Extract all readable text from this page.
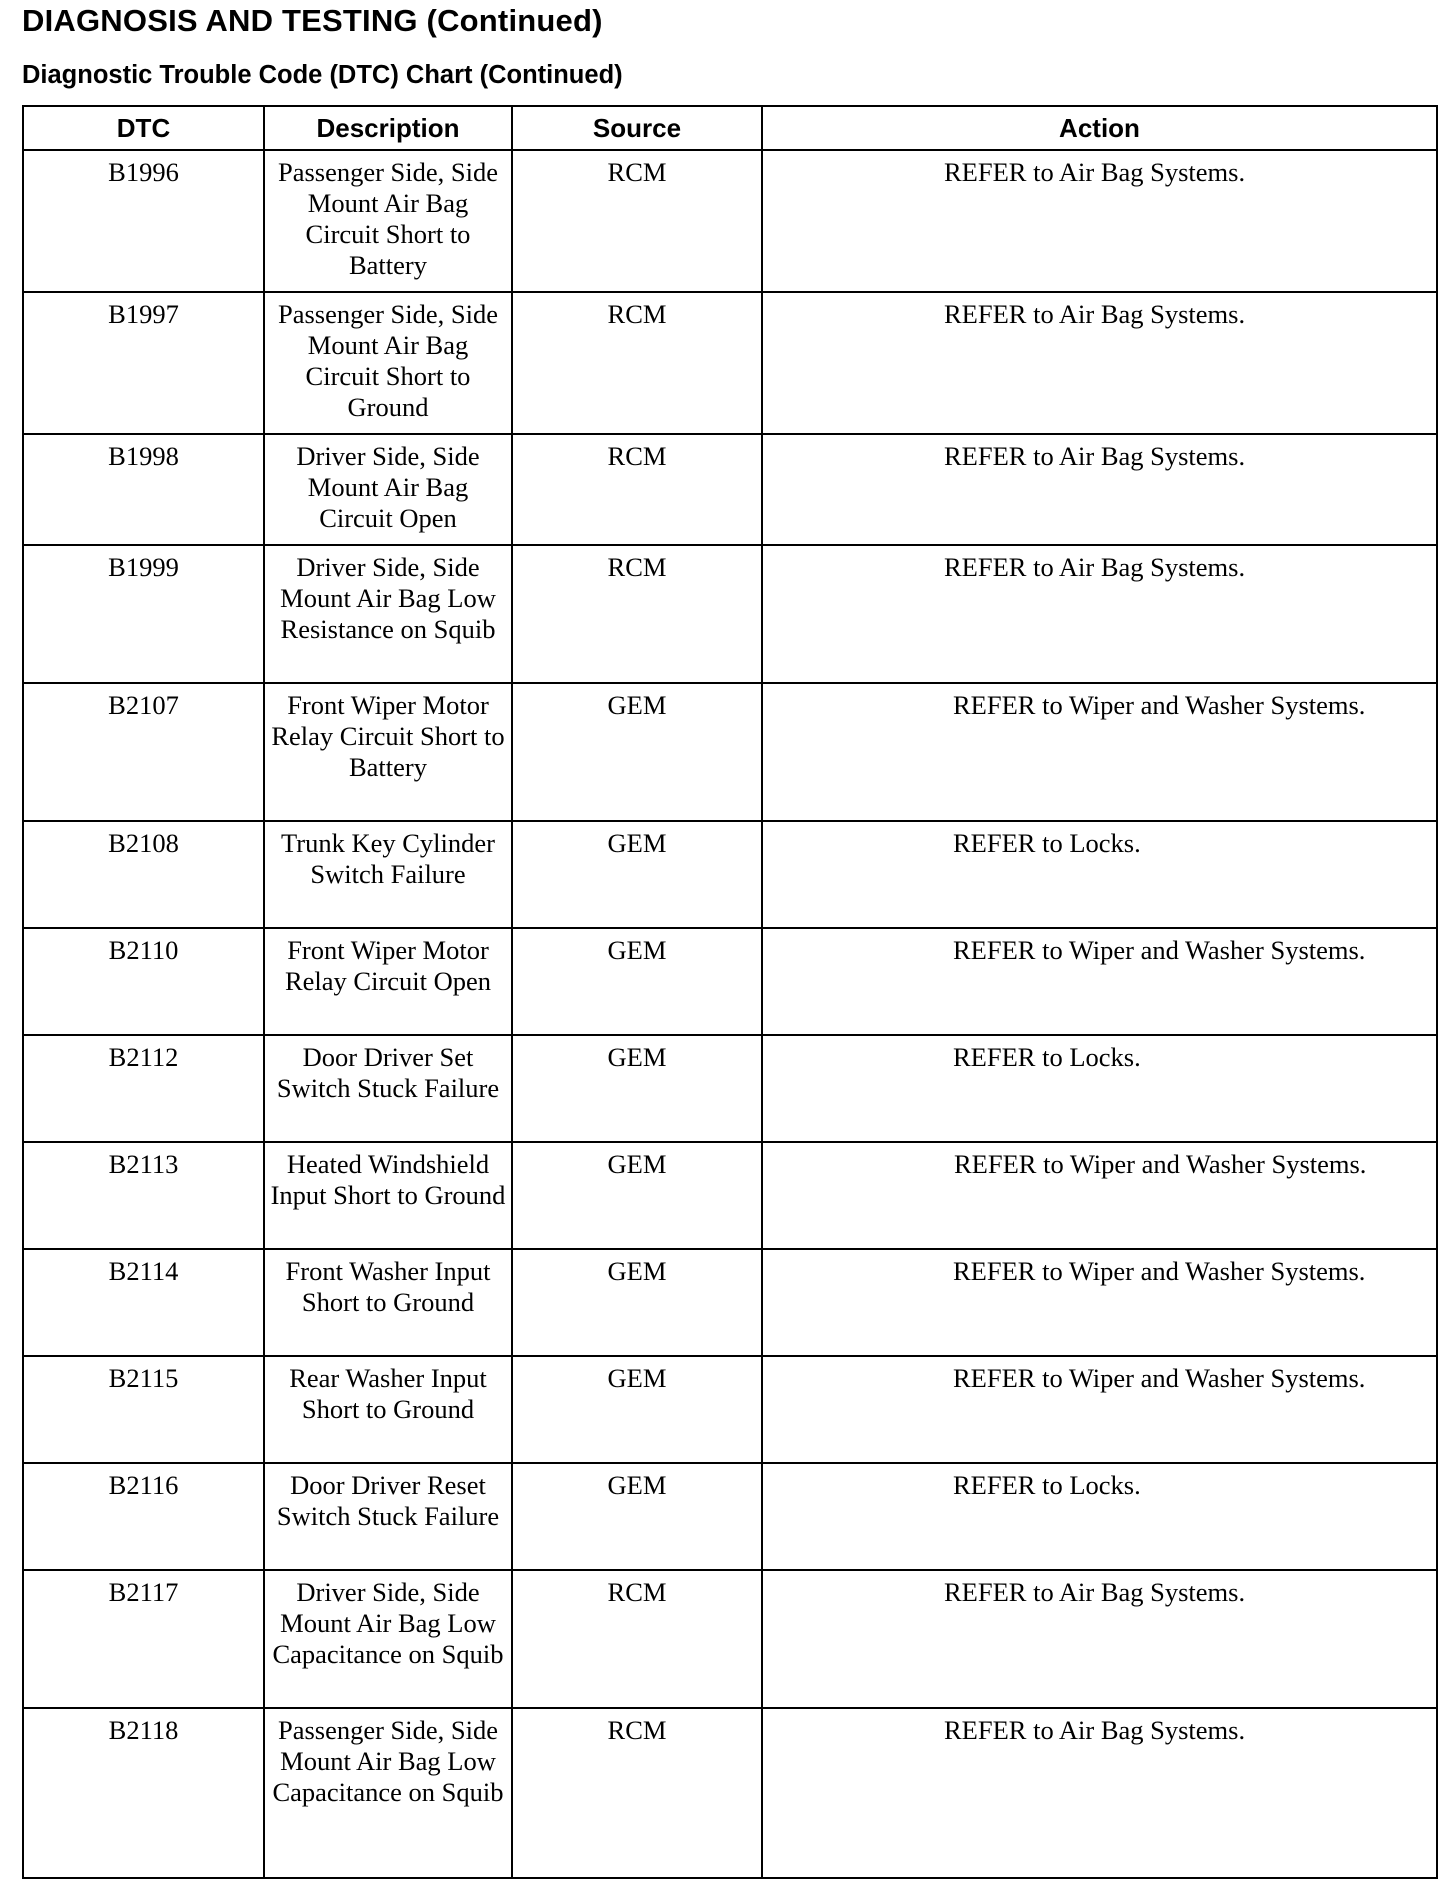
DIAGNOSIS AND TESTING (Continued)
Diagnostic Trouble Code (DTC) Chart (Continued)
DTC	Description	Source	Action
B1996	Passenger Side, Side Mount Air Bag Circuit Short to Battery	RCM	REFER to Air Bag Systems.

B1997	Passenger Side, Side Mount Air Bag Circuit Short to Ground	RCM	REFER to Air Bag Systems.

B1998	Driver Side, Side Mount Air Bag Circuit Open	RCM	REFER to Air Bag Systems.

B1999	Driver Side, Side Mount Air Bag Low Resistance on Squib	RCM	REFER to Air Bag Systems.

B2107	Front Wiper Motor Relay Circuit Short to Battery	GEM	REFER to Wiper and Washer Systems.

B2108	Trunk Key Cylinder Switch Failure	GEM	REFER to Locks.

B2110	Front Wiper Motor Relay Circuit Open	GEM	REFER to Wiper and Washer Systems.

B2112	Door Driver Set Switch Stuck Failure	GEM	REFER to Locks.

B2113	Heated Windshield Input Short to Ground	GEM	REFER to Wiper and Washer Systems.

B2114	Front Washer Input Short to Ground	GEM	REFER to Wiper and Washer Systems.

B2115	Rear Washer Input Short to Ground	GEM	REFER to Wiper and Washer Systems.

B2116	Door Driver Reset Switch Stuck Failure	GEM	REFER to Locks.

B2117	Driver Side, Side Mount Air Bag Low Capacitance on Squib	RCM	REFER to Air Bag Systems.

B2118	Passenger Side, Side Mount Air Bag Low Capacitance on Squib	RCM	REFER to Air Bag Systems.
